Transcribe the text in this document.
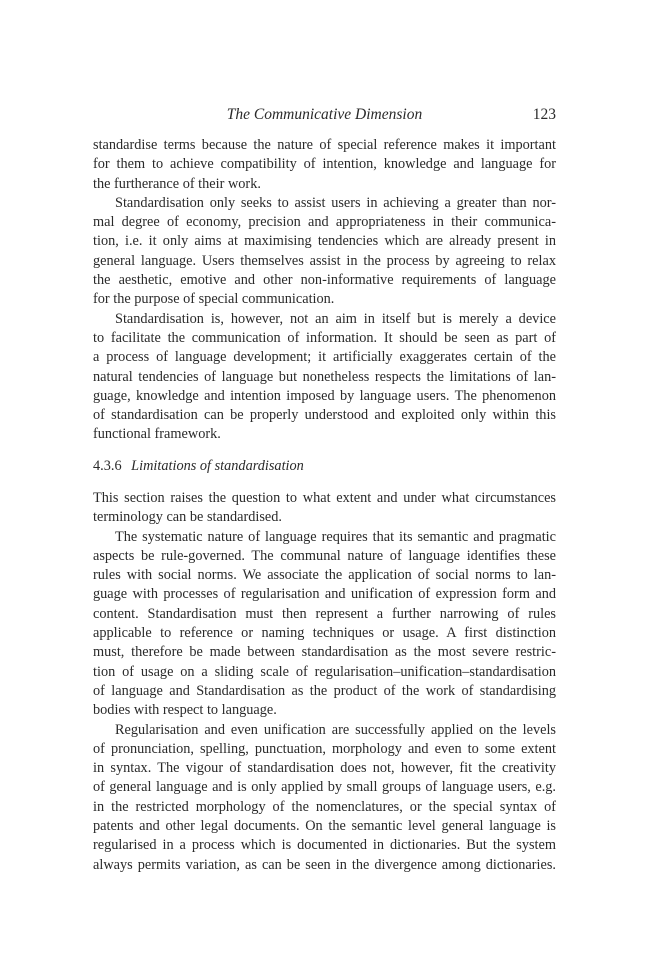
The Communicative Dimension	123
standardise terms because the nature of special reference makes it important
for them to achieve compatibility of intention, knowledge and language for
the furtherance of their work.
Standardisation only seeks to assist users in achieving a greater than nor-
mal degree of economy, precision and appropriateness in their communica-
tion, i.e. it only aims at maximising tendencies which are already present in
general language. Users themselves assist in the process by agreeing to relax
the aesthetic, emotive and other non-informative requirements of language
for the purpose of special communication.
Standardisation is, however, not an aim in itself but is merely a device
to facilitate the communication of information. It should be seen as part of
a process of language development; it artificially exaggerates certain of the
natural tendencies of language but nonetheless respects the limitations of lan-
guage, knowledge and intention imposed by language users. The phenomenon
of standardisation can be properly understood and exploited only within this
functional framework.
4.3.6 Limitations of standardisation
This section raises the question to what extent and under what circumstances
terminology can be standardised.
The systematic nature of language requires that its semantic and pragmatic
aspects be rule-governed. The communal nature of language identifies these
rules with social norms. We associate the application of social norms to lan-
guage with processes of regularisation and unification of expression form and
content. Standardisation must then represent a further narrowing of rules
applicable to reference or naming techniques or usage. A first distinction
must, therefore be made between standardisation as the most severe restric-
tion of usage on a sliding scale of regularisation–unification–standardisation
of language and Standardisation as the product of the work of standardising
bodies with respect to language.
Regularisation and even unification are successfully applied on the levels
of pronunciation, spelling, punctuation, morphology and even to some extent
in syntax. The vigour of standardisation does not, however, fit the creativity
of general language and is only applied by small groups of language users, e.g.
in the restricted morphology of the nomenclatures, or the special syntax of
patents and other legal documents. On the semantic level general language is
regularised in a process which is documented in dictionaries. But the system
always permits variation, as can be seen in the divergence among dictionaries.
